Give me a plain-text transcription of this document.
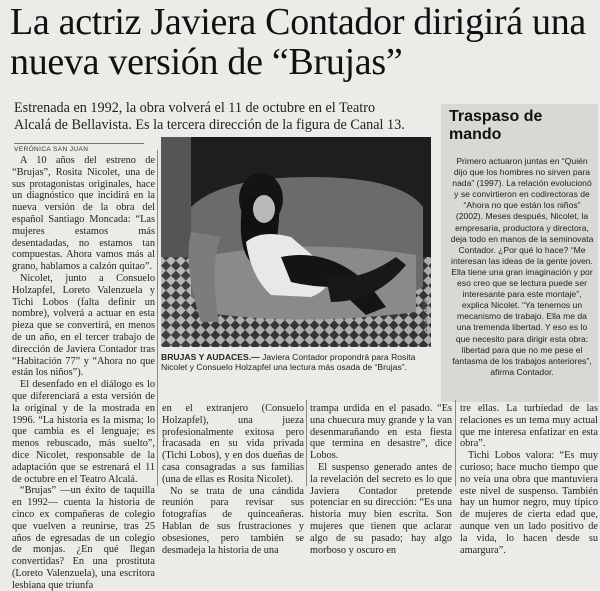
La actriz Javiera Contador dirigirá una nueva versión de “Brujas”
Estrenada en 1992, la obra volverá el 11 de octubre en el Teatro Alcalá de Bellavista. Es la tercera dirección de la figura de Canal 13.
VERÓNICA SAN JUAN

A 10 años del estreno de “Brujas”, Rosita Nicolet, una de sus protagonistas originales, hace un diagnóstico que incidirá en la nueva versión de la obra del español Santiago Moncada: “Las mujeres estamos más desentadadas, no estamos tan compuestas. Ahora vamos más al grano, hablamos a calzón quitao”.

Nicolet, junto a Consuelo Holzapfel, Loreto Valenzuela y Tichi Lobos (falta definir un nombre), volverá a actuar en esta pieza que se convertirá, en menos de un año, en el tercer trabajo de dirección de Javiera Contador tras “Habitación 77” y “Ahora no que están los niños”).

El desenfado en el diálogo es lo que diferenciará a esta versión de la original y de la mostrada en 1996. “La historia es la misma; lo que cambia es el lenguaje; es menos rebuscado, más suelto”, dice Nicolet, responsable de la adaptación que se estrenará el 11 de octubre en el Teatro Alcalá.

“Brujas” —un éxito de taquilla en 1992— cuenta la historia de cinco ex compañeras de colegio que vuelven a reunirse, tras 25 años de egresadas de un colegio de monjas. ¿En qué llegan convertidas? En una prostituta (Loreto Valenzuela), una escritora lesbiana que triunfa

EL MERCURIO
BRUJAS Y AUDACES.— Javiera Contador propondrá para Rosita Nicolet y Consuelo Holzapfel una lectura más osada de “Brujas”.
Traspaso de mando

Primero actuaron juntas en “Quién dijo que los hombres no sirven para nada” (1997). La relación evolucionó y se convirtieron en codirectoras de “Ahora no que están los niños” (2002). Meses después, Nicolet, la empresaria, productora y directora, deja todo en manos de la seminovata Contador. ¿Por qué lo hace? “Me interesan las ideas de la gente joven. Ella tiene una gran imaginación y por eso creo que se lectura puede ser interesante para este montaje”, explica Nicolet. “Ya tenemos un mecanismo de trabajo. Ella me da una tremenda libertad. Y eso es lo que necesito para dirigir esta obra: libertad para que no me pese el fantasma de los trabajos anteriores”, afirma Contador.

en el extranjero (Consuelo Holzapfel), una jueza profesionalmente exitosa pero fracasada en su vida privada (Tichi Lobos), y en dos dueñas de casa consagradas a sus familias (una de ellas es Rosita Nicolet).

No se trata de una cándida reunión para revisar sus fotografías de quinceañeras. Hablan de sus frustraciones y obsesiones, pero también se desmadeja la historia de una

trampa urdida en el pasado. “Es una chuecura muy grande y la van desenmarañando en esta fiesta que termina en desastre”, dice Lobos.

El suspenso generado antes de la revelación del secreto es lo que Javiera Contador pretende potenciar en su dirección: “Es una historia muy bien escrita. Son mujeres que tienen que aclarar algo de su pasado; hay algo morboso y oscuro en

tre ellas. La turbiedad de las relaciones es un tema muy actual que me interesa enfatizar en esta obra”.

Tichi Lobos valora: “Es muy curioso; hace mucho tiempo que no veía una obra que mantuviera este nivel de suspenso. También hay un humor negro, muy típico de mujeres de cierta edad que, aunque ven un lado positivo de la vida, lo hacen desde su amargura”.
